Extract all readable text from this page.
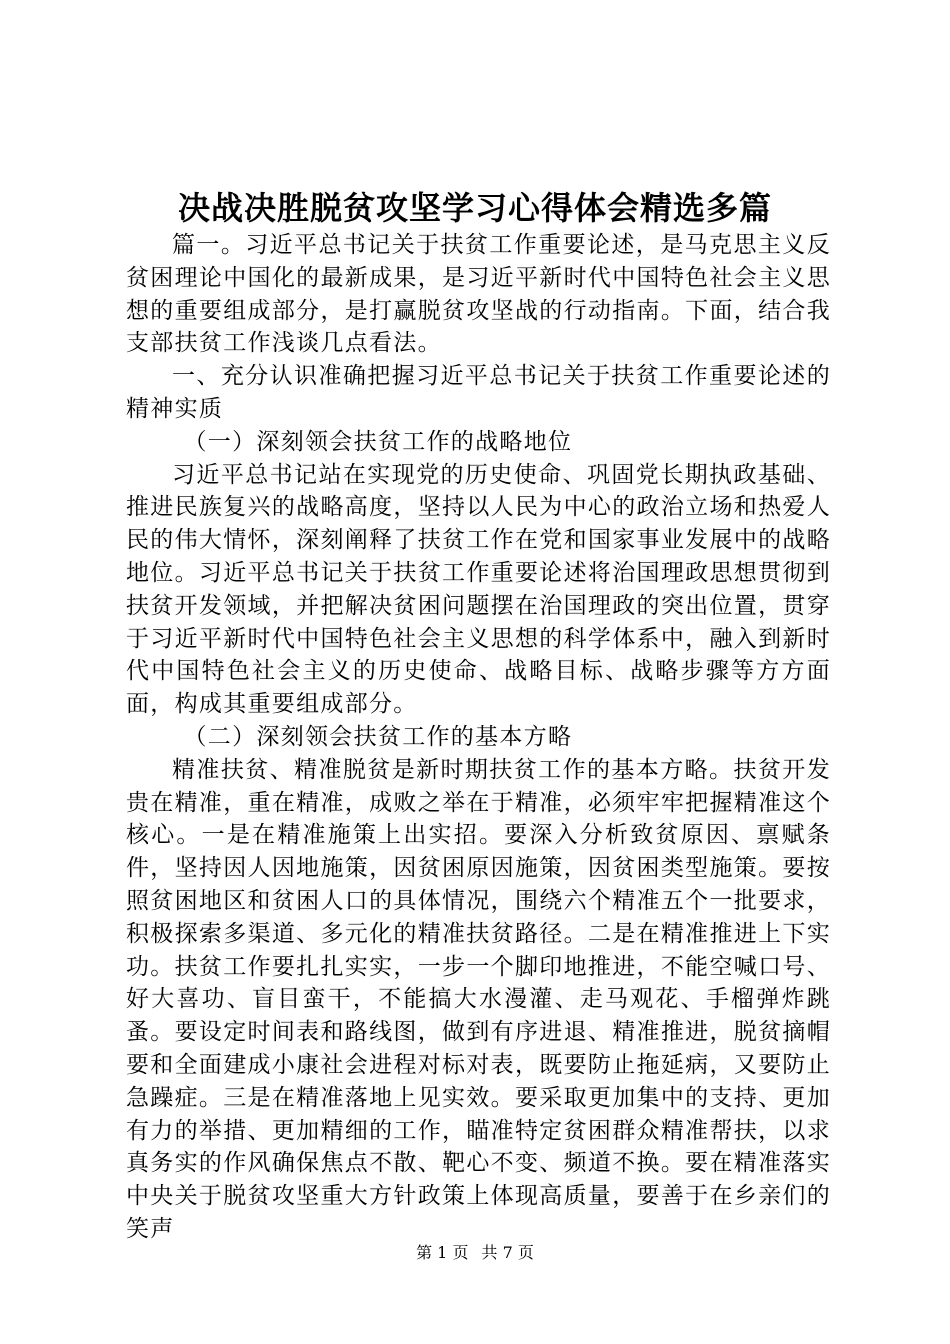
决战决胜脱贫攻坚学习心得体会精选多篇

篇一。习近平总书记关于扶贫工作重要论述，是马克思主义反贫困理论中国化的最新成果，是习近平新时代中国特色社会主义思想的重要组成部分，是打赢脱贫攻坚战的行动指南。下面，结合我支部扶贫工作浅谈几点看法。

一、充分认识准确把握习近平总书记关于扶贫工作重要论述的精神实质

（一）深刻领会扶贫工作的战略地位

习近平总书记站在实现党的历史使命、巩固党长期执政基础、推进民族复兴的战略高度，坚持以人民为中心的政治立场和热爱人民的伟大情怀，深刻阐释了扶贫工作在党和国家事业发展中的战略地位。习近平总书记关于扶贫工作重要论述将治国理政思想贯彻到扶贫开发领域，并把解决贫困问题摆在治国理政的突出位置，贯穿于习近平新时代中国特色社会主义思想的科学体系中，融入到新时代中国特色社会主义的历史使命、战略目标、战略步骤等方方面面，构成其重要组成部分。

（二）深刻领会扶贫工作的基本方略

精准扶贫、精准脱贫是新时期扶贫工作的基本方略。扶贫开发贵在精准，重在精准，成败之举在于精准，必须牢牢把握精准这个核心。一是在精准施策上出实招。要深入分析致贫原因、禀赋条件，坚持因人因地施策，因贫困原因施策，因贫困类型施策。要按照贫困地区和贫困人口的具体情况，围绕六个精准五个一批要求，积极探索多渠道、多元化的精准扶贫路径。二是在精准推进上下实功。扶贫工作要扎扎实实，一步一个脚印地推进，不能空喊口号、好大喜功、盲目蛮干，不能搞大水漫灌、走马观花、手榴弹炸跳蚤。要设定时间表和路线图，做到有序进退、精准推进，脱贫摘帽要和全面建成小康社会进程对标对表，既要防止拖延病，又要防止急躁症。三是在精准落地上见实效。要采取更加集中的支持、更加有力的举措、更加精细的工作，瞄准特定贫困群众精准帮扶，以求真务实的作风确保焦点不散、靶心不变、频道不换。要在精准落实中央关于脱贫攻坚重大方针政策上体现高质量，要善于在乡亲们的笑声

第 1 页 共 7 页
